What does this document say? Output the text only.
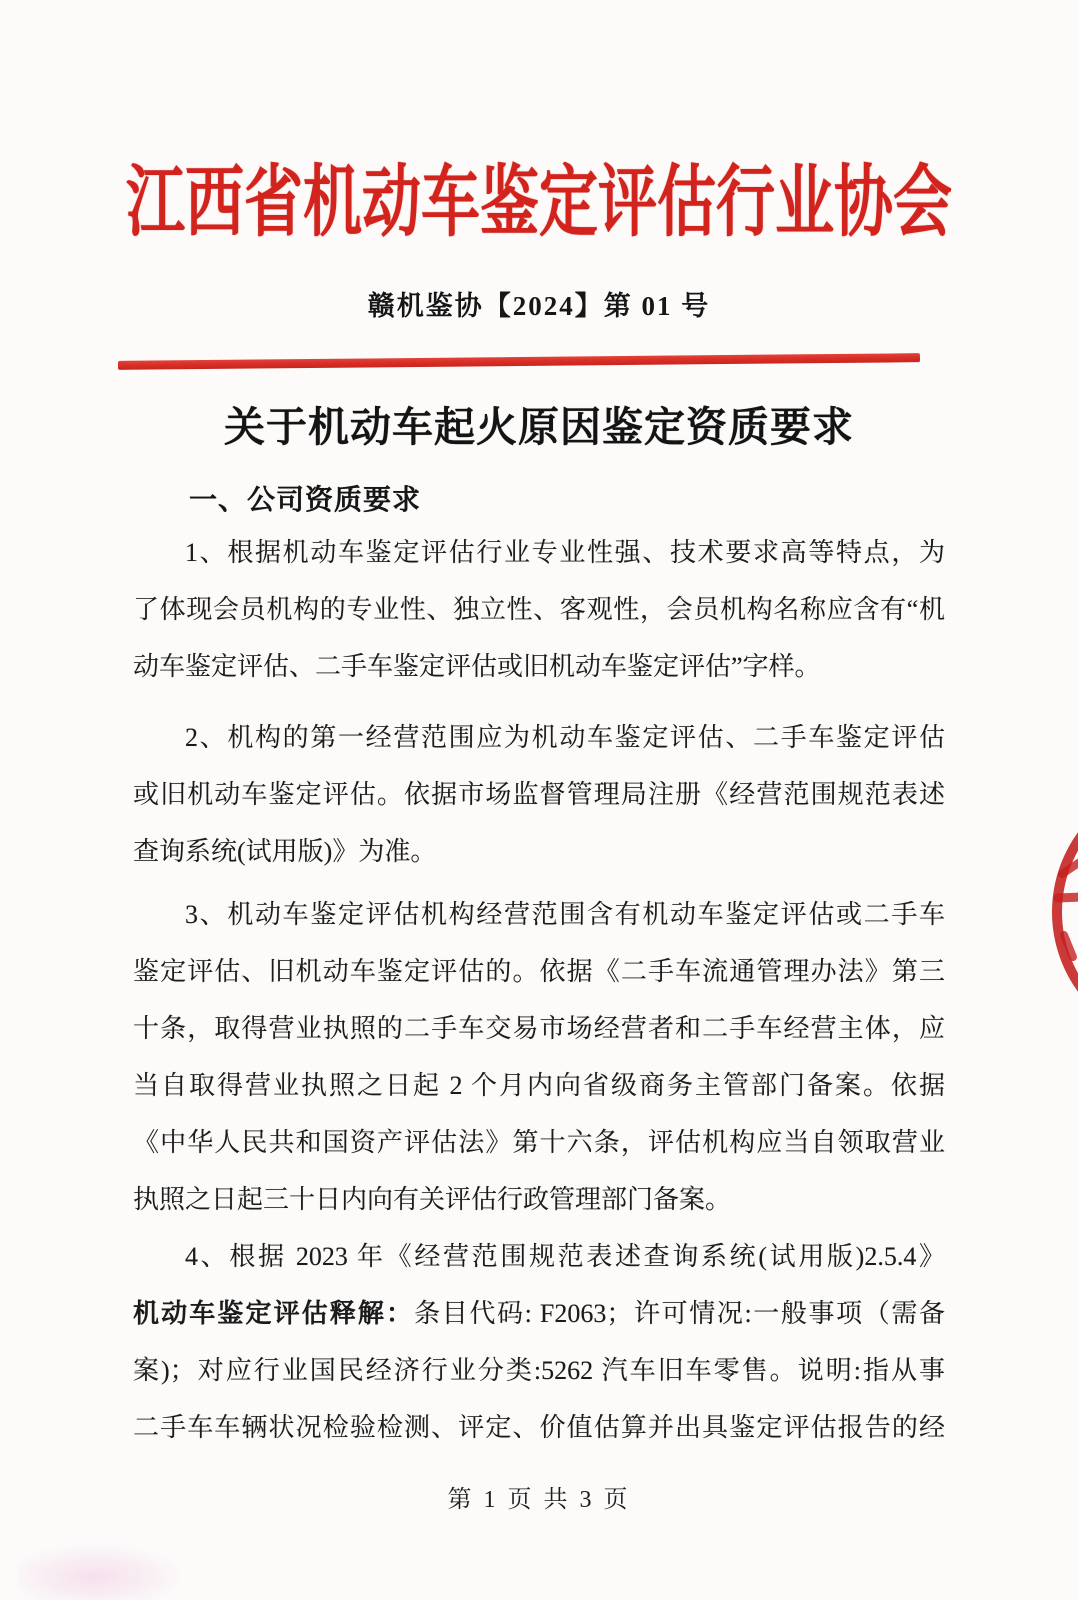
江西省机动车鉴定评估行业协会
赣机鉴协【2024】第 01 号
关于机动车起火原因鉴定资质要求
一、公司资质要求
1、根据机动车鉴定评估行业专业性强、技术要求高等特点，为
了体现会员机构的专业性、独立性、客观性，会员机构名称应含有“机
动车鉴定评估、二手车鉴定评估或旧机动车鉴定评估”字样。
2、机构的第一经营范围应为机动车鉴定评估、二手车鉴定评估
或旧机动车鉴定评估。依据市场监督管理局注册《经营范围规范表述
查询系统(试用版)》为准。
3、机动车鉴定评估机构经营范围含有机动车鉴定评估或二手车
鉴定评估、旧机动车鉴定评估的。依据《二手车流通管理办法》第三
十条，取得营业执照的二手车交易市场经营者和二手车经营主体，应
当自取得营业执照之日起 2 个月内向省级商务主管部门备案。依据
《中华人民共和国资产评估法》第十六条，评估机构应当自领取营业
执照之日起三十日内向有关评估行政管理部门备案。
4、根据 2023 年《经营范围规范表述查询系统(试用版)2.5.4》
机动车鉴定评估释解：条目代码: F2063；许可情况:一般事项（需备
案)；对应行业国民经济行业分类:5262 汽车旧车零售。说明:指从事
二手车车辆状况检验检测、评定、价值估算并出具鉴定评估报告的经
第 1 页 共 3 页
